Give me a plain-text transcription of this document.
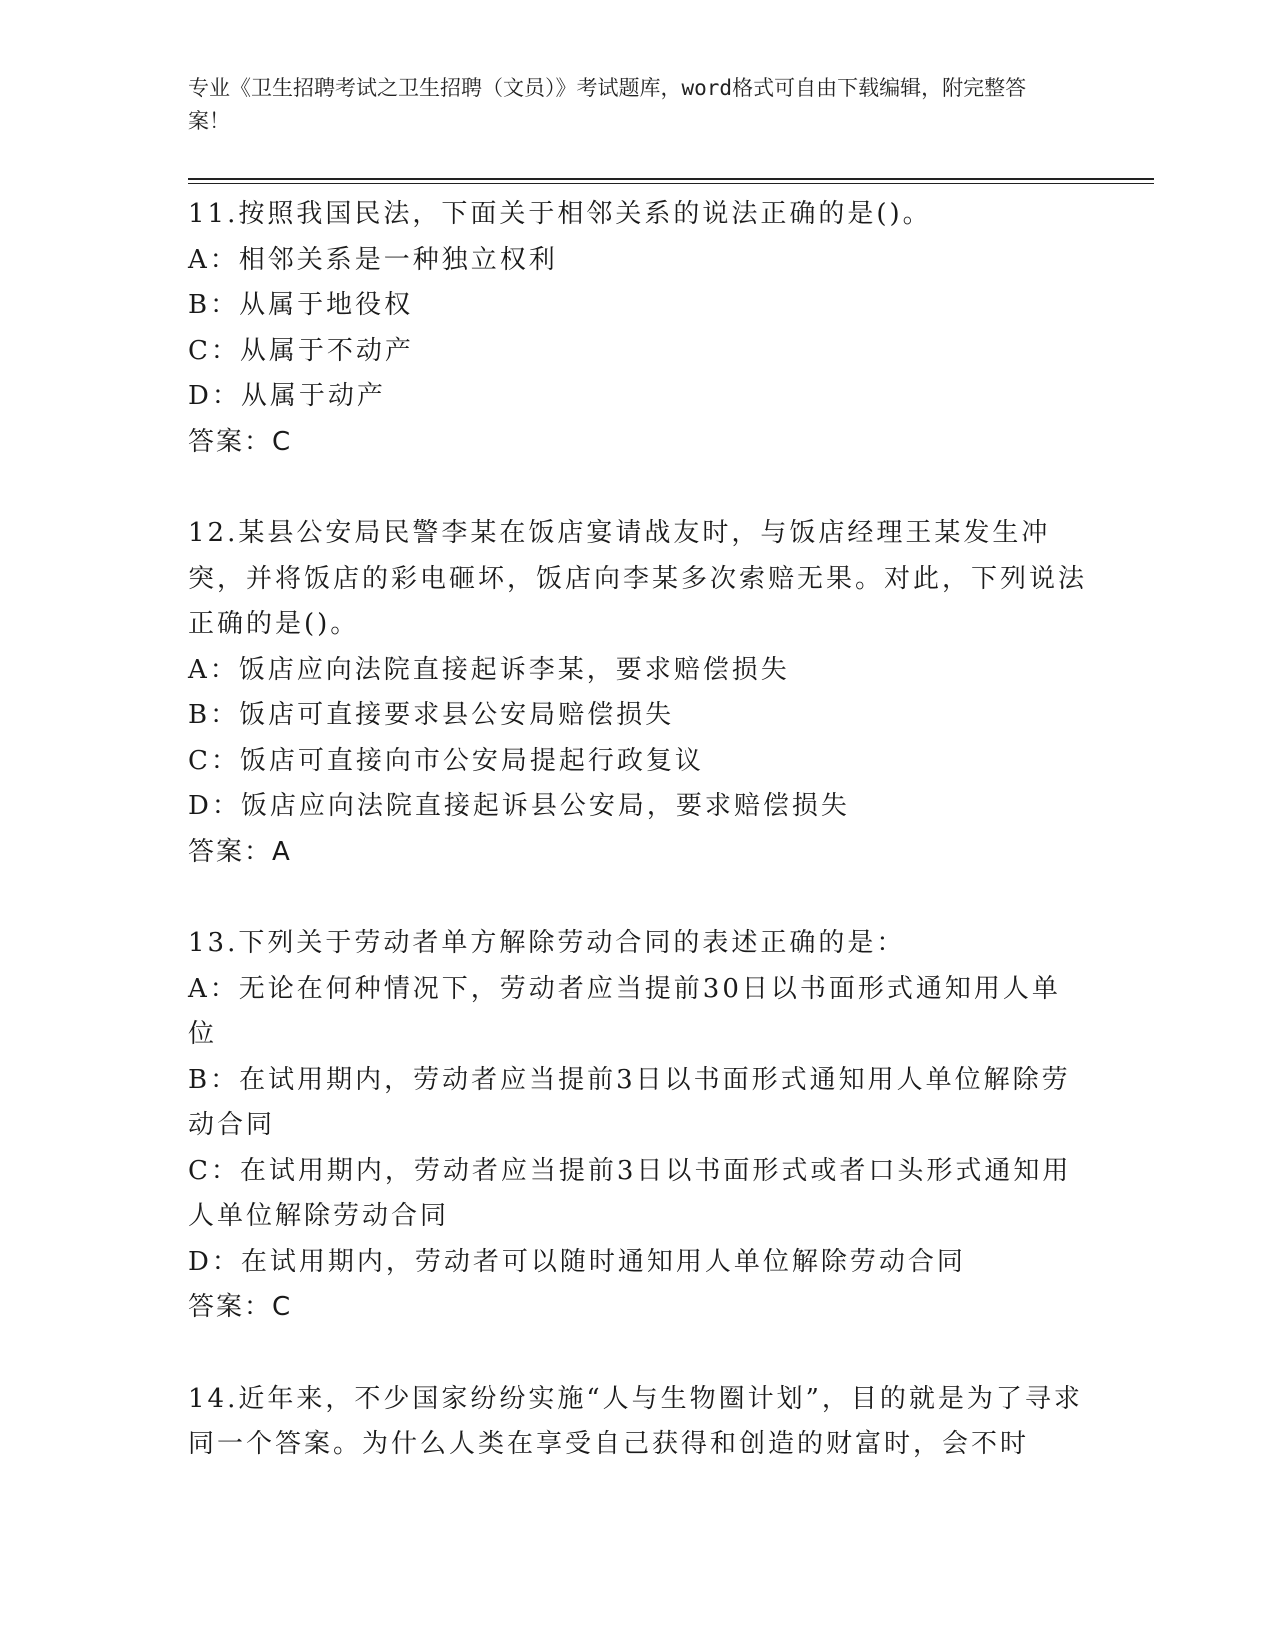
专业《卫生招聘考试之卫生招聘（文员）》考试题库，word格式可自由下载编辑，附完整答案！

11.按照我国民法，下面关于相邻关系的说法正确的是()。

A：相邻关系是一种独立权利

B：从属于地役权

C：从属于不动产

D：从属于动产

答案：C

12.某县公安局民警李某在饭店宴请战友时，与饭店经理王某发生冲突，并将饭店的彩电砸坏，饭店向李某多次索赔无果。对此，下列说法正确的是()。

A：饭店应向法院直接起诉李某，要求赔偿损失

B：饭店可直接要求县公安局赔偿损失

C：饭店可直接向市公安局提起行政复议

D：饭店应向法院直接起诉县公安局，要求赔偿损失

答案：A

13.下列关于劳动者单方解除劳动合同的表述正确的是：

A：无论在何种情况下，劳动者应当提前30日以书面形式通知用人单位

B：在试用期内，劳动者应当提前3日以书面形式通知用人单位解除劳动合同

C：在试用期内，劳动者应当提前3日以书面形式或者口头形式通知用人单位解除劳动合同

D：在试用期内，劳动者可以随时通知用人单位解除劳动合同

答案：C

14.近年来，不少国家纷纷实施“人与生物圈计划”，目的就是为了寻求同一个答案。为什么人类在享受自己获得和创造的财富时，会不时
